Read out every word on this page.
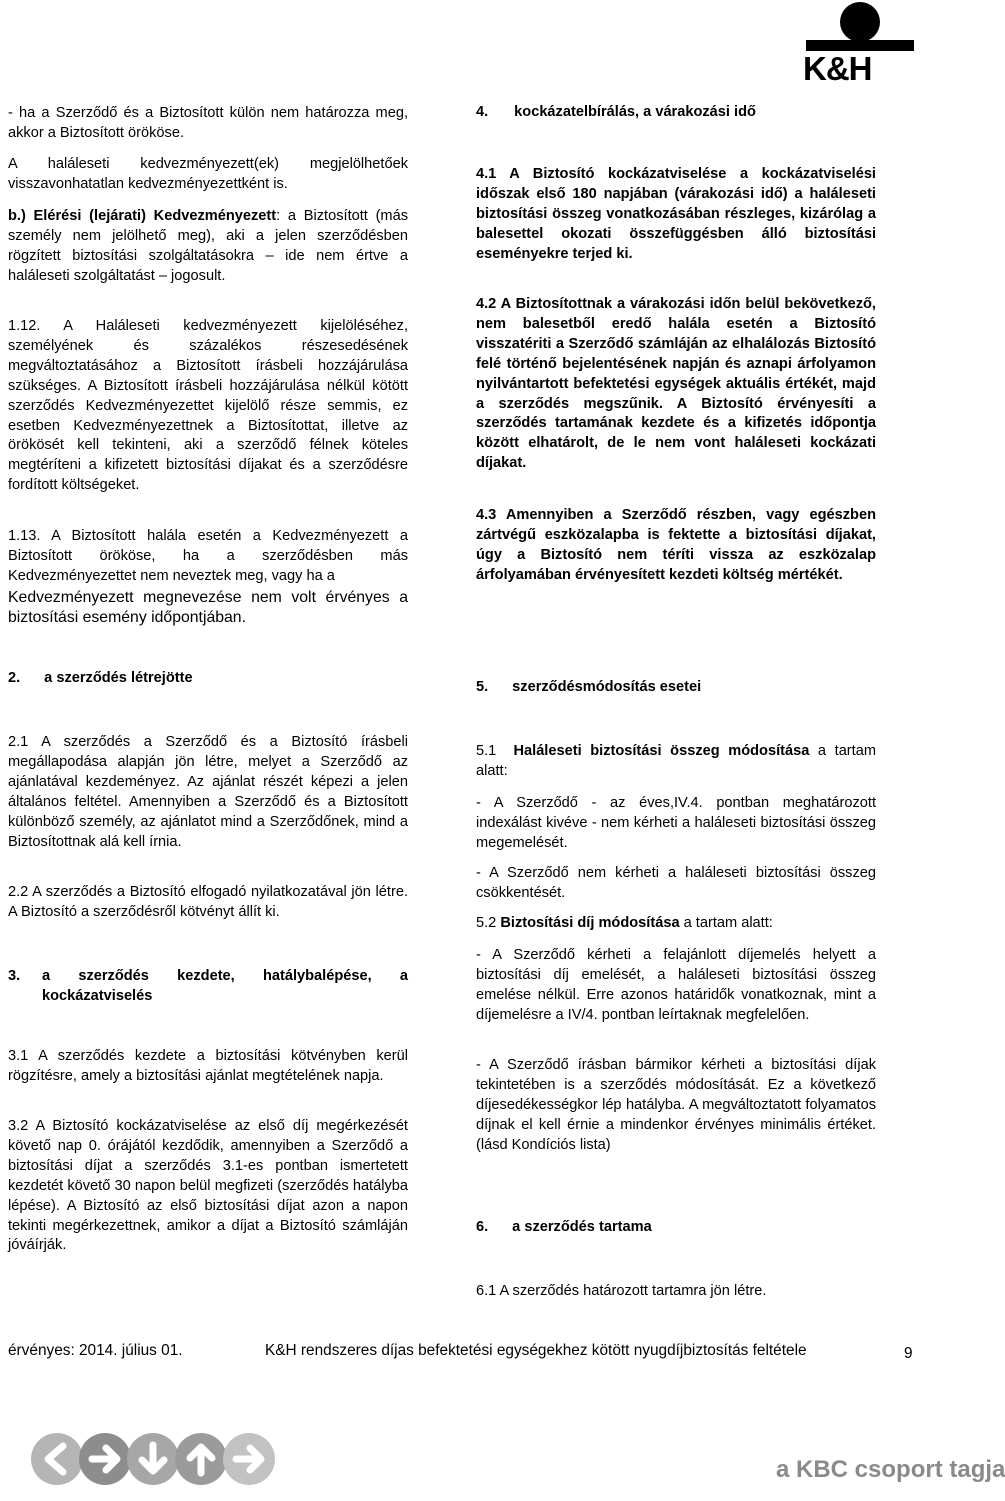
K&H

- ha a Szerződő és a Biztosított külön nem határozza meg, akkor a Biztosított örököse.

A haláleseti kedvezményezett(ek) megjelölhetőek visszavonhatatlan kedvezményezettként is.

b.) Elérési (lejárati) Kedvezményezett: a Biztosított (más személy nem jelölhető meg), aki a jelen szerződésben rögzített biztosítási szolgáltatásokra – ide nem értve a haláleseti szolgáltatást – jogosult.

1.12. A Haláleseti kedvezményezett kijelöléséhez, személyének és százalékos részesedésének megváltoztatásához a Biztosított írásbeli hozzájárulása szükséges. A Biztosított írásbeli hozzájárulása nélkül kötött szerződés Kedvezményezettet kijelölő része semmis, ez esetben Kedvezményezettnek a Biztosítottat, illetve az örökösét kell tekinteni, aki a szerződő félnek köteles megtéríteni a kifizetett biztosítási díjakat és a szerződésre fordított költségeket.

1.13. A Biztosított halála esetén a Kedvezményezett a Biztosított örököse, ha a szerződésben más Kedvezményezettet nem neveztek meg, vagy ha a

Kedvezményezett megnevezése nem volt érvényes a biztosítási esemény időpontjában.

2. a szerződés létrejötte

2.1 A szerződés a Szerződő és a Biztosító írásbeli megállapodása alapján jön létre, melyet a Szerződő az ajánlatával kezdeményez. Az ajánlat részét képezi a jelen általános feltétel. Amennyiben a Szerződő és a Biztosított különböző személy, az ajánlatot mind a Szerződőnek, mind a Biztosítottnak alá kell írnia.

2.2 A szerződés a Biztosító elfogadó nyilatkozatával jön létre. A Biztosító a szerződésről kötvényt állít ki.

3. a szerződés kezdete, hatálybalépése, a kockázatviselés

3.1 A szerződés kezdete a biztosítási kötvényben kerül rögzítésre, amely a biztosítási ajánlat megtételének napja.

3.2 A Biztosító kockázatviselése az első díj megérkezését követő nap 0. órájától kezdődik, amennyiben a Szerződő a biztosítási díjat a szerződés 3.1-es pontban ismertetett kezdetét követő 30 napon belül megfizeti (szerződés hatálybа lépése). A Biztosító az első biztosítási díjat azon a napon tekinti megérkezettnek, amikor a díjat a Biztosító számláján jóváírják.

4. kockázatelbírálás, a várakozási idő

4.1 A Biztosító kockázatviselése a kockázatviselési időszak első 180 napjában (várakozási idő) a haláleseti biztosítási összeg vonatkozásában részleges, kizárólag a balesettel okozati összefüggésben álló biztosítási eseményekre terjed ki.

4.2 A Biztosítottnak a várakozási időn belül bekövetkező, nem balesetből eredő halála esetén a Biztosító visszatériti a Szerződő számláján az elhalálozás Biztosító felé történő bejelentésének napján és aznapi árfolyamon nyilvántartott befektetési egységek aktuális értékét, majd a szerződés megszűnik. A Biztosító érvényesíti a szerződés tartamának kezdete és a kifizetés időpontja között elhatárolt, de le nem vont haláleseti kockázati díjakat.

4.3 Amennyiben a Szerződő részben, vagy egészben zártvégű eszközalapba is fektette a biztosítási díjakat, úgy a Biztosító nem téríti vissza az eszközalap árfolyamában érvényesített kezdeti költség mértékét.

5. szerződésmódosítás esetei

5.1 Haláleseti biztosítási összeg módosítása a tartam alatt:

- A Szerződő - az éves,IV.4. pontban meghatározott indexálást kivéve - nem kérheti a haláleseti biztosítási összeg megemelését.

- A Szerződő nem kérheti a haláleseti biztosítási összeg csökkentését.

5.2 Biztosítási díj módosítása a tartam alatt:

- A Szerződő kérheti a felajánlott díjemelés helyett a biztosítási díj emelését, a haláleseti biztosítási összeg emelése nélkül. Erre azonos határidők vonatkoznak, mint a díjemelésre a IV/4. pontban leírtaknak megfelelően.

- A Szerződő írásban bármikor kérheti a biztosítási díjak tekintetében is a szerződés módosítását. Ez a következő díjesedékességkor lép hatályba. A megváltoztatott folyamatos díjnak el kell érnie a mindenkor érvényes minimális értéket. (lásd Kondíciós lista)

6. a szerződés tartama

6.1 A szerződés határozott tartamra jön létre.

érvényes: 2014. július 01.	K&H rendszeres díjas befektetési egységekhez kötött nyugdíjbiztosítás feltétele	9
a KBC csoport tagja
